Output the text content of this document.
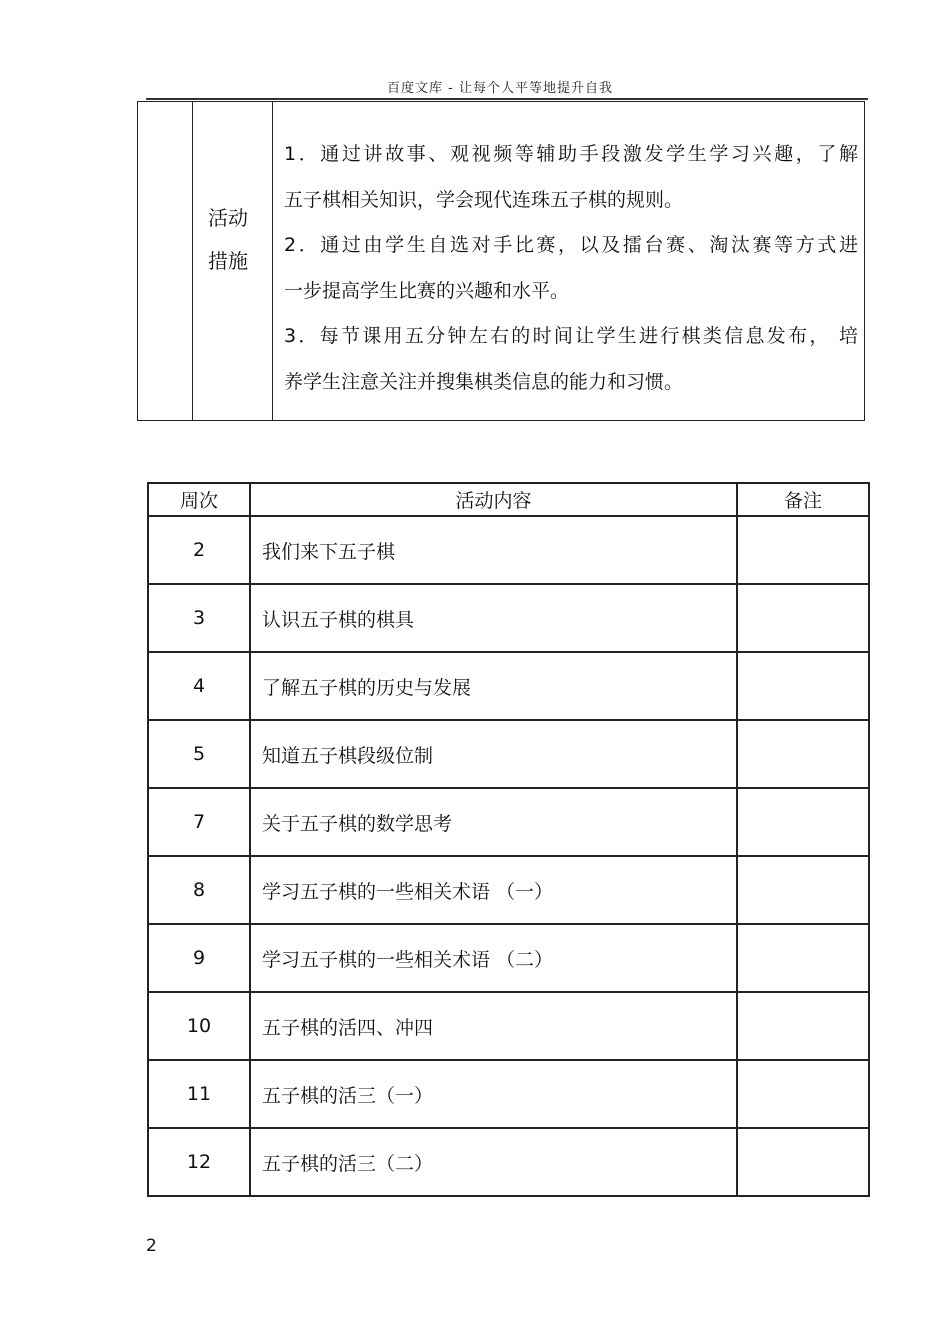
百度文库 - 让每个人平等地提升自我
活动
措施

1．通过讲故事、观视频等辅助手段激发学生学习兴趣，了解

五子棋相关知识，学会现代连珠五子棋的规则。

2．通过由学生自选对手比赛，以及擂台赛、淘汰赛等方式进

一步提高学生比赛的兴趣和水平。

3．每节课用五分钟左右的时间让学生进行棋类信息发布， 培

养学生注意关注并搜集棋类信息的能力和习惯。

周次	活动内容	备注
2	我们来下五子棋	
3	认识五子棋的棋具	
4	了解五子棋的历史与发展	
5	知道五子棋段级位制	
7	关于五子棋的数学思考	
8	学习五子棋的一些相关术语 （一）	
9	学习五子棋的一些相关术语 （二）	
10	五子棋的活四、冲四	
11	五子棋的活三（一）	
12	五子棋的活三（二）	
2
